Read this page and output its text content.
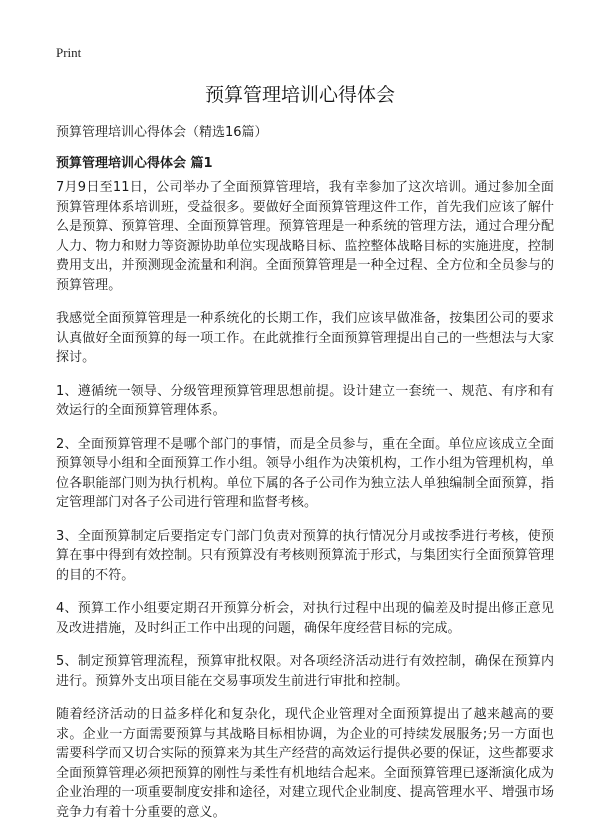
Print
预算管理培训心得体会

预算管理培训心得体会（精选16篇）

预算管理培训心得体会 篇1

7月9日至11日，公司举办了全面预算管理培，我有幸参加了这次培训。通过参加全面预算管理体系培训班，受益很多。要做好全面预算管理这件工作，首先我们应该了解什么是预算、预算管理、全面预算管理。预算管理是一种系统的管理方法，通过合理分配人力、物力和财力等资源协助单位实现战略目标、监控整体战略目标的实施进度，控制费用支出，并预测现金流量和利润。全面预算管理是一种全过程、全方位和全员参与的预算管理。

我感觉全面预算管理是一种系统化的长期工作，我们应该早做准备，按集团公司的要求认真做好全面预算的每一项工作。在此就推行全面预算管理提出自己的一些想法与大家探讨。

1、遵循统一领导、分级管理预算管理思想前提。设计建立一套统一、规范、有序和有效运行的全面预算管理体系。

2、全面预算管理不是哪个部门的事情，而是全员参与，重在全面。单位应该成立全面预算领导小组和全面预算工作小组。领导小组作为决策机构，工作小组为管理机构，单位各职能部门则为执行机构。单位下属的各子公司作为独立法人单独编制全面预算，指定管理部门对各子公司进行管理和监督考核。

3、全面预算制定后要指定专门部门负责对预算的执行情况分月或按季进行考核，使预算在事中得到有效控制。只有预算没有考核则预算流于形式，与集团实行全面预算管理的目的不符。

4、预算工作小组要定期召开预算分析会，对执行过程中出现的偏差及时提出修正意见及改进措施，及时纠正工作中出现的问题，确保年度经营目标的完成。

5、制定预算管理流程，预算审批权限。对各项经济活动进行有效控制，确保在预算内进行。预算外支出项目能在交易事项发生前进行审批和控制。

随着经济活动的日益多样化和复杂化，现代企业管理对全面预算提出了越来越高的要求。企业一方面需要预算与其战略目标相协调，为企业的可持续发展服务;另一方面也需要科学而又切合实际的预算来为其生产经营的高效运行提供必要的保证，这些都要求全面预算管理必须把预算的刚性与柔性有机地结合起来。全面预算管理已逐渐演化成为企业治理的一项重要制度安排和途径，对建立现代企业制度、提高管理水平、增强市场竞争力有着十分重要的意义。
